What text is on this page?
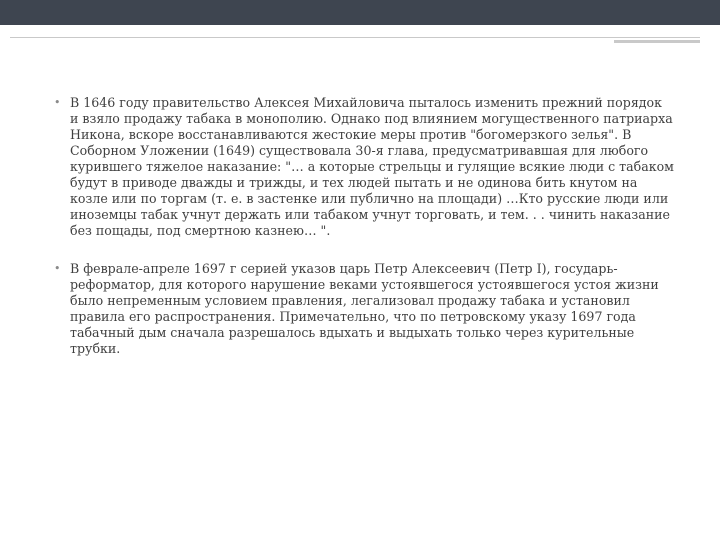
• В 1646 году правительство Алексея Михайловича пыталось изменить прежний порядок и взяло продажу табака в монополию. Однако под влиянием могущественного патриарха Никона, вскоре восстанавливаются жестокие меры против "богомерзкого зелья". В Соборном Уложении (1649) существовала 30-я глава, предусматривавшая для любого курившего тяжелое наказание: "… а которые стрельцы и гулящие всякие люди с табаком будут в приводе дважды и трижды, и тех людей пытать и не одинова бить кнутом на козле или по торгам (т. е. в застенке или публично на площади) …Кто русские люди или иноземцы табак учнут держать или табаком учнут торговать, и тем. . . чинить наказание без пощады, под смертною казнею… ".

• В феврале-апреле 1697 г серией указов царь Петр Алексеевич (Петр I), государь-реформатор, для которого нарушение веками устоявшегося устоявшегося устоя жизни было непременным условием правления, легализовал продажу табака и установил правила его распространения. Примечательно, что по петровскому указу 1697 года табачный дым сначала разрешалось вдыхать и выдыхать только через курительные трубки.
